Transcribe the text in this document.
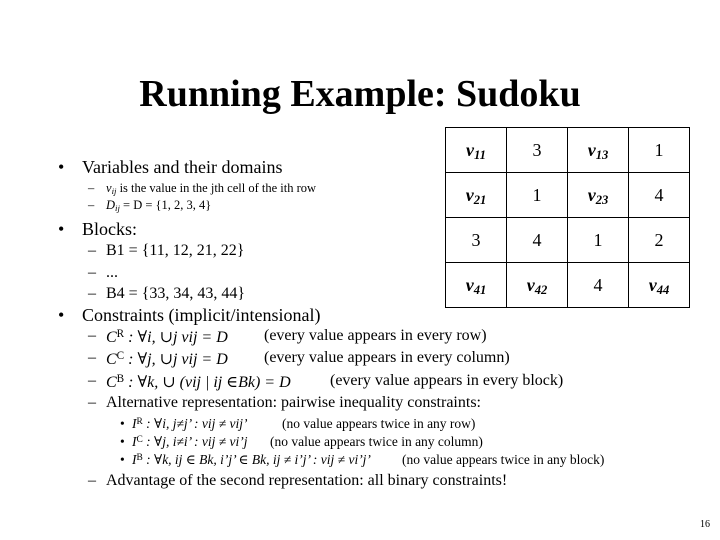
Running Example: Sudoku
• Variables and their domains
– $v_{ij}$ is the value in the jth cell of the ith row
– $D_{ij} = D = \{1$, 2, 3, 4}
• Blocks:
– B1 = {11, 12, 21, 22}
– ...
– B4 = {33, 34, 43, 44}
• Constraints (implicit/intensional)
– $C^R$ : ∀i, ∪j vij = D (every value appears in every row)
– $C^C$ : ∀j, ∪j vij = D (every value appears in every column)
– $C^B$ : ∀k, ∪ (vij | ij ∈Bk) = D (every value appears in every block)
– Alternative representation: pairwise inequality constraints:
• $I^R$ : ∀i, j≠j’ : vij ≠ vij’	(no value appears twice in any row)
• $I^C$ : ∀j, i≠i’ : vij ≠ vi’j (no value appears twice in any column)
• $I^B$ : ∀k, ij ∈ Bk, i’j’ ∈ Bk, ij ≠ i’j’ : vij ≠ vi’j’ (no value appears twice in any block)
– Advantage of the second representation: all binary constraints!
$v_{11}$	3	$v_{13}$	1
$v_{21}$	1	$v_{23}$	4
3	4	1	2
$v_{41}$	$v_{42}$	4	$v_{44}$
16
